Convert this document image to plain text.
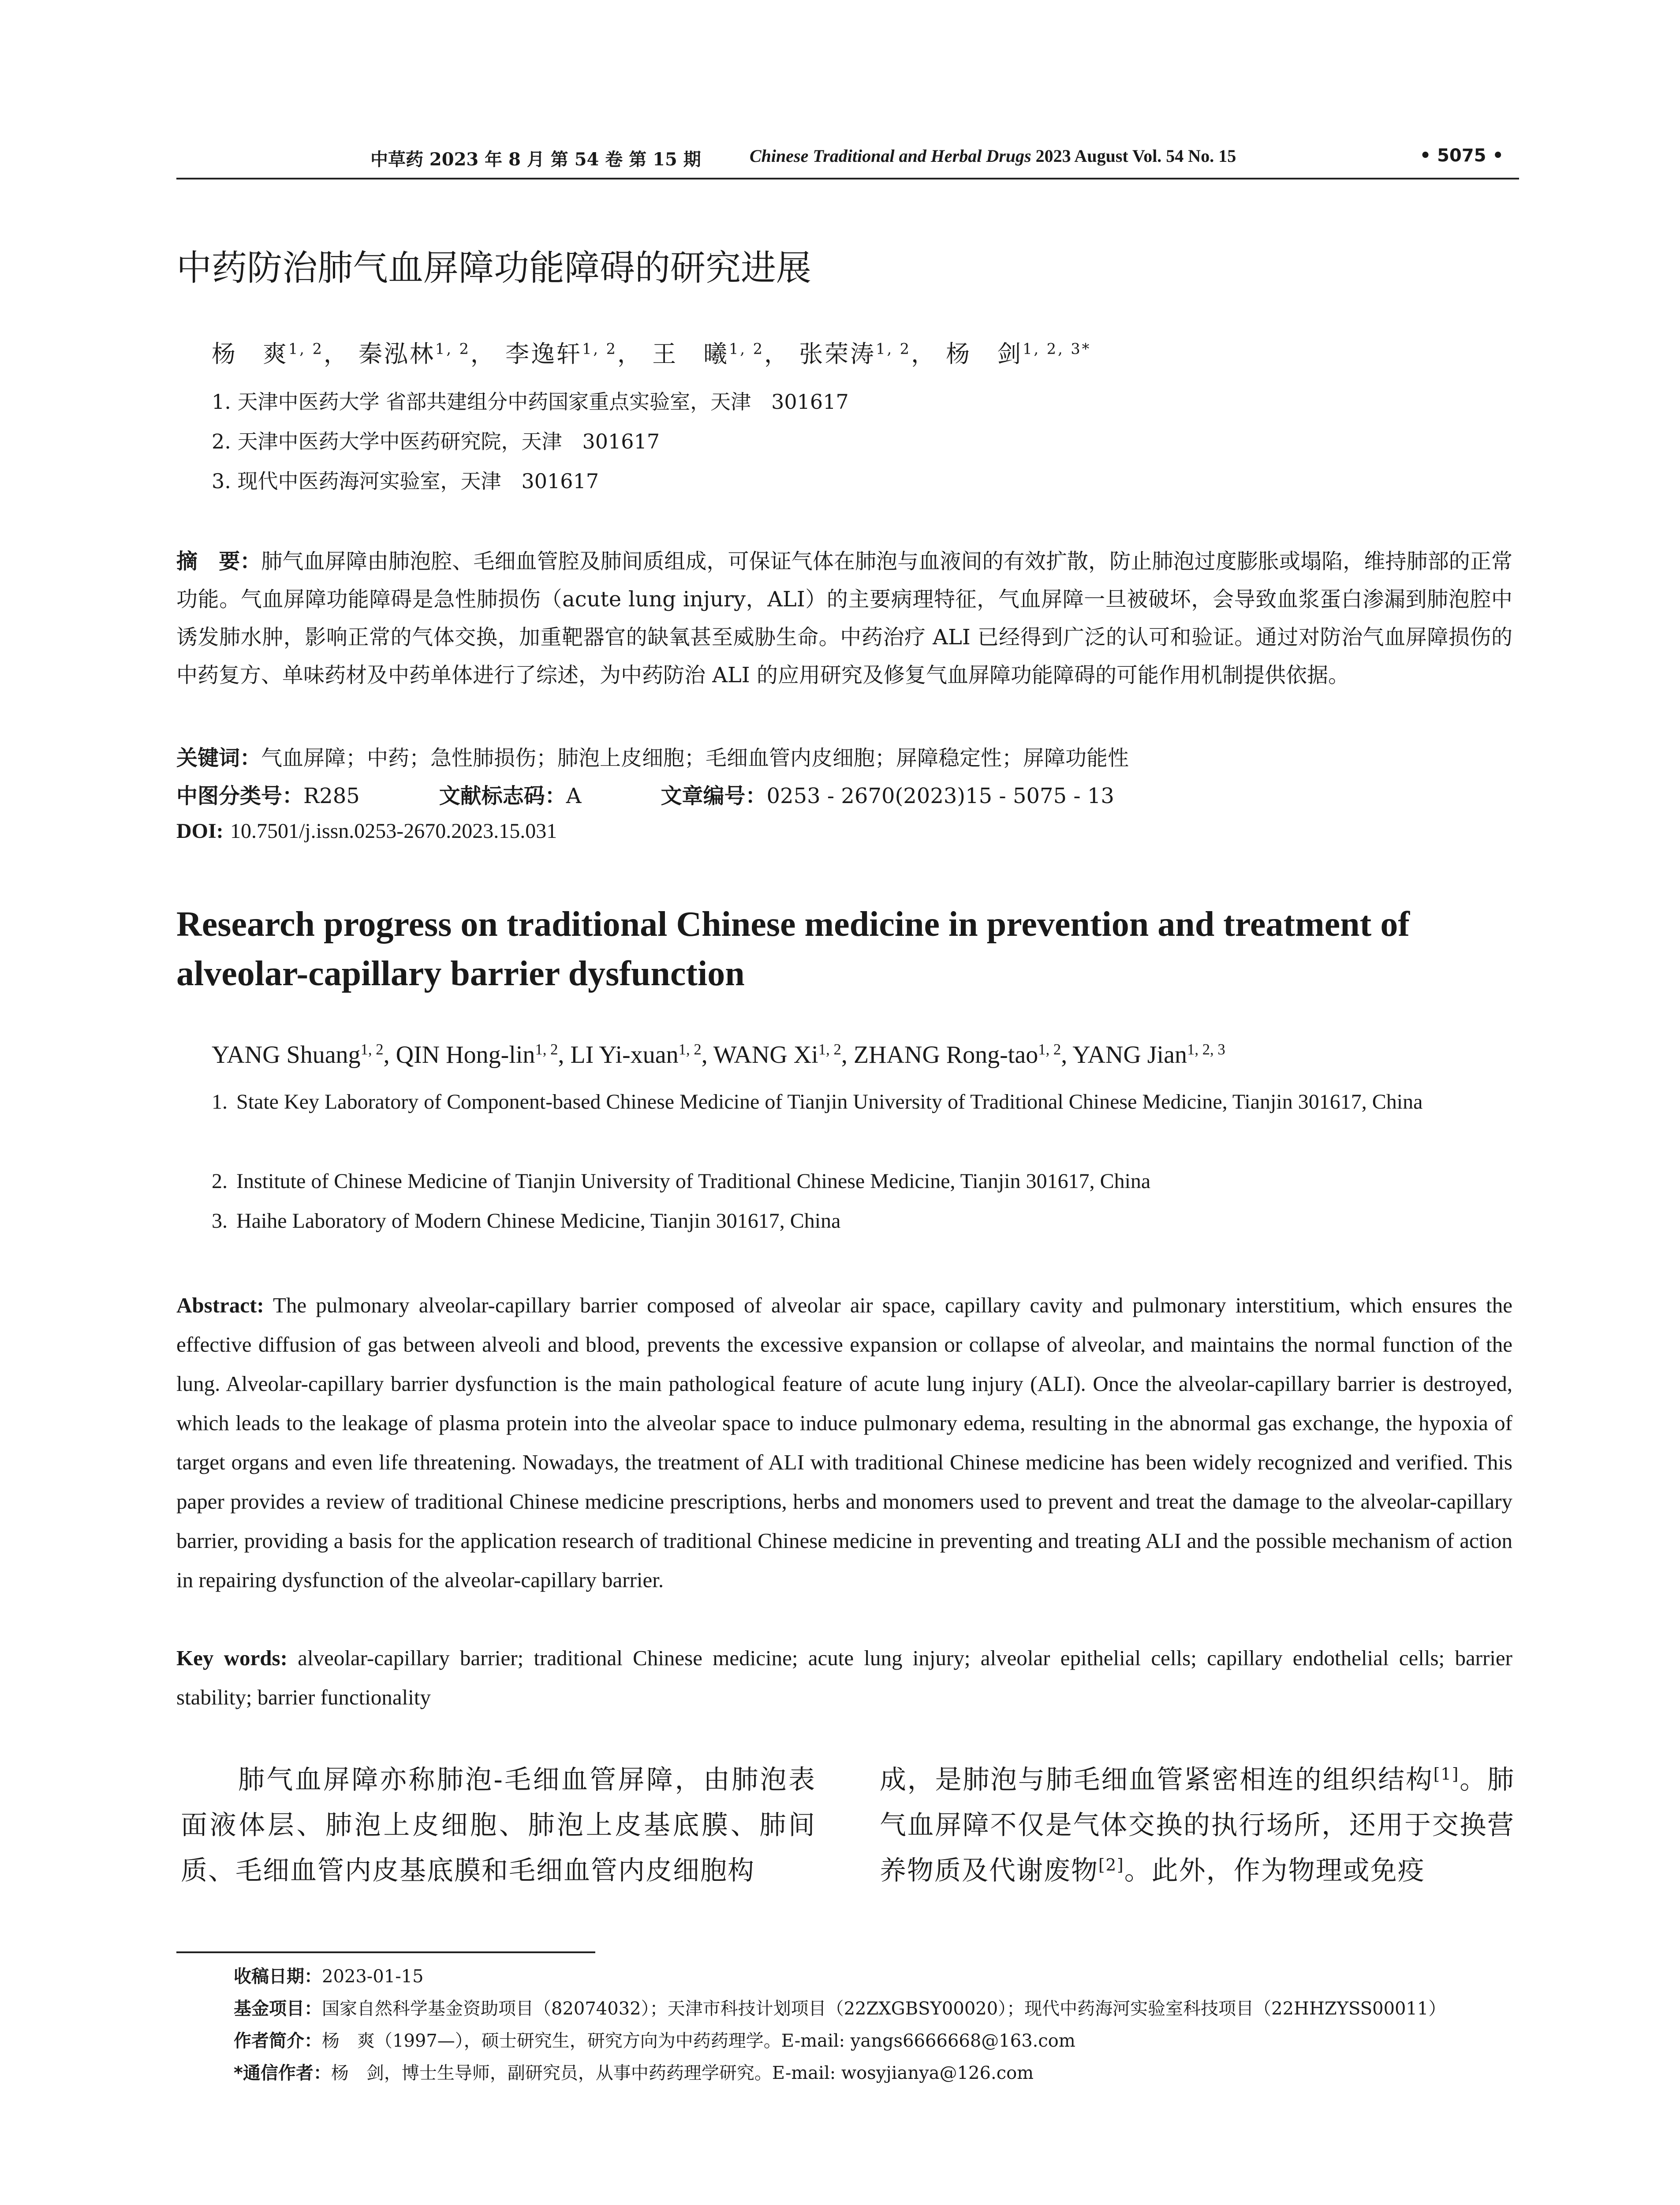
中草药 2023 年 8 月 第 54 卷 第 15 期	Chinese Traditional and Herbal Drugs 2023 August Vol. 54 No. 15	• 5075 •
中药防治肺气血屏障功能障碍的研究进展
杨　爽$^{1, 2}$， 秦泓林$^{1, 2}$， 李逸轩$^{1, 2}$， 王　曦$^{1, 2}$， 张荣涛$^{1, 2}$， 杨　剑$^{1, 2, 3*}$
1. 天津中医药大学 省部共建组分中药国家重点实验室，天津　301617
2. 天津中医药大学中医药研究院，天津　301617
3. 现代中医药海河实验室，天津　301617
摘　要：肺气血屏障由肺泡腔、毛细血管腔及肺间质组成，可保证气体在肺泡与血液间的有效扩散，防止肺泡过度膨胀或塌陷，维持肺部的正常功能。气血屏障功能障碍是急性肺损伤（acute lung injury，ALI）的主要病理特征，气血屏障一旦被破坏，会导致血浆蛋白渗漏到肺泡腔中诱发肺水肿，影响正常的气体交换，加重靶器官的缺氧甚至威胁生命。中药治疗 ALI 已经得到广泛的认可和验证。通过对防治气血屏障损伤的中药复方、单味药材及中药单体进行了综述，为中药防治 ALI 的应用研究及修复气血屏障功能障碍的可能作用机制提供依据。
关键词：气血屏障；中药；急性肺损伤；肺泡上皮细胞；毛细血管内皮细胞；屏障稳定性；屏障功能性
中图分类号：R285	文献标志码：A	文章编号：0253 - 2670(2023)15 - 5075 - 13
DOI: 10.7501/j.issn.0253-2670.2023.15.031
Research progress on traditional Chinese medicine in prevention and treatment of alveolar-capillary barrier dysfunction
YANG Shuang$^{1, 2}$, QIN Hong-lin$^{1, 2}$, LI Yi-xuan$^{1, 2}$, WANG Xi$^{1, 2}$, ZHANG Rong-tao$^{1, 2}$, YANG Jian$^{1, 2, 3}$
1. State Key Laboratory of Component-based Chinese Medicine of Tianjin University of Traditional Chinese Medicine, Tianjin 301617, China
2. Institute of Chinese Medicine of Tianjin University of Traditional Chinese Medicine, Tianjin 301617, China
3. Haihe Laboratory of Modern Chinese Medicine, Tianjin 301617, China
Abstract: The pulmonary alveolar-capillary barrier composed of alveolar air space, capillary cavity and pulmonary interstitium, which ensures the effective diffusion of gas between alveoli and blood, prevents the excessive expansion or collapse of alveolar, and maintains the normal function of the lung. Alveolar-capillary barrier dysfunction is the main pathological feature of acute lung injury (ALI). Once the alveolar-capillary barrier is destroyed, which leads to the leakage of plasma protein into the alveolar space to induce pulmonary edema, resulting in the abnormal gas exchange, the hypoxia of target organs and even life threatening. Nowadays, the treatment of ALI with traditional Chinese medicine has been widely recognized and verified. This paper provides a review of traditional Chinese medicine prescriptions, herbs and monomers used to prevent and treat the damage to the alveolar-capillary barrier, providing a basis for the application research of traditional Chinese medicine in preventing and treating ALI and the possible mechanism of action in repairing dysfunction of the alveolar-capillary barrier.
Key words: alveolar-capillary barrier; traditional Chinese medicine; acute lung injury; alveolar epithelial cells; capillary endothelial cells; barrier stability; barrier functionality
肺气血屏障亦称肺泡-毛细血管屏障，由肺泡表面液体层、肺泡上皮细胞、肺泡上皮基底膜、肺间质、毛细血管内皮基底膜和毛细血管内皮细胞构
成，是肺泡与肺毛细血管紧密相连的组织结构[1]。肺气血屏障不仅是气体交换的执行场所，还用于交换营养物质及代谢废物[2]。此外，作为物理或免疫
收稿日期：2023-01-15
基金项目：国家自然科学基金资助项目（82074032）；天津市科技计划项目（22ZXGBSY00020）；现代中药海河实验室科技项目（22HHZYSS00011）
作者简介：杨　爽（1997—），硕士研究生，研究方向为中药药理学。E-mail: yangs6666668@163.com
*通信作者：杨　剑，博士生导师，副研究员，从事中药药理学研究。E-mail: wosyjianya@126.com
